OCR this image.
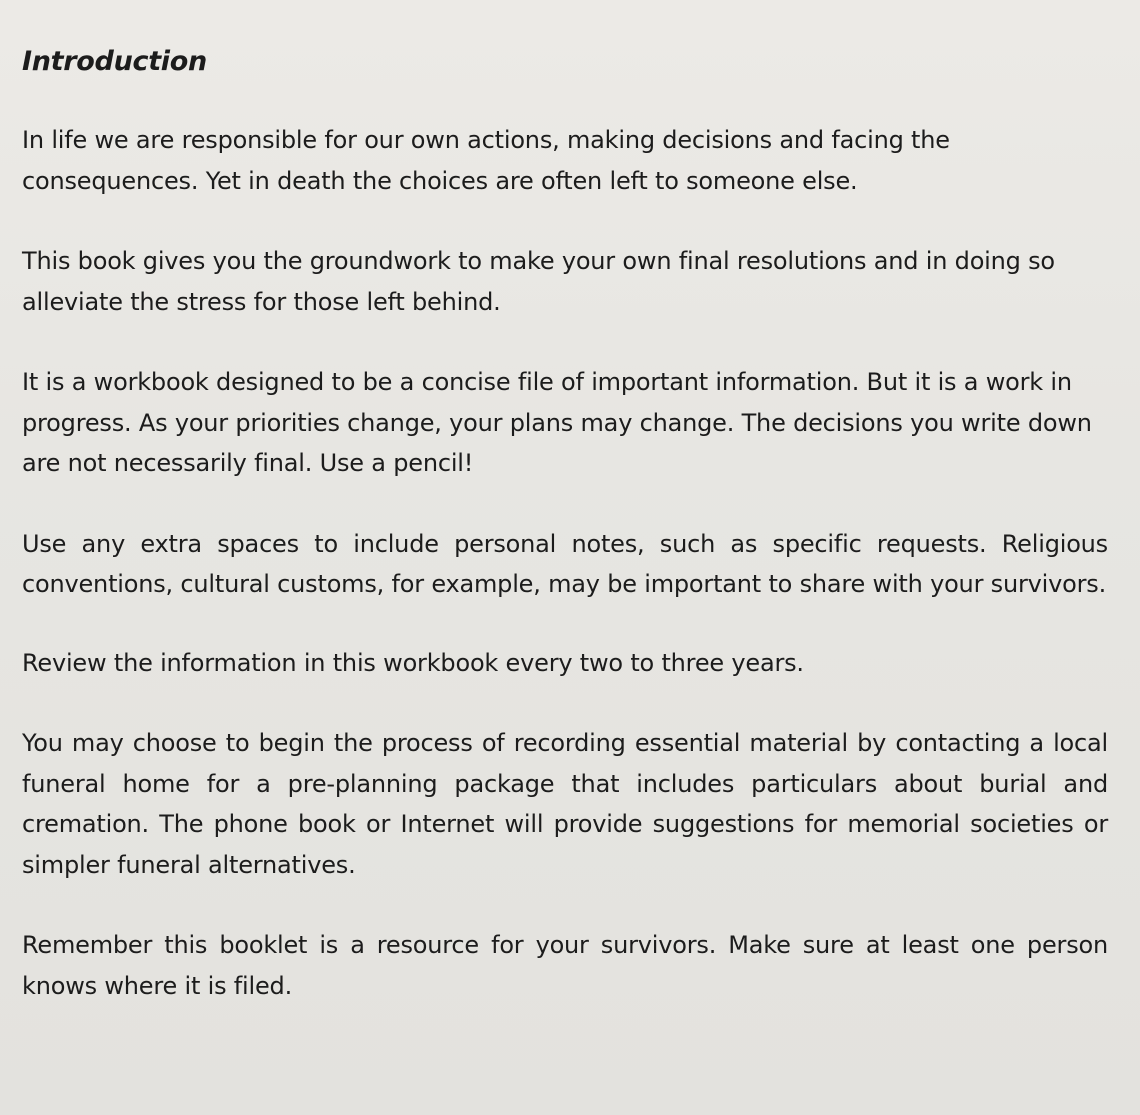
Introduction

In life we are responsible for our own actions, making decisions and facing the consequences. Yet in death the choices are often left to someone else.

This book gives you the groundwork to make your own final resolutions and in doing so alleviate the stress for those left behind.

It is a workbook designed to be a concise file of important information. But it is a work in progress. As your priorities change, your plans may change. The decisions you write down are not necessarily final. Use a pencil!

Use any extra spaces to include personal notes, such as specific requests. Religious conventions, cultural customs, for example, may be important to share with your survivors.

Review the information in this workbook every two to three years.

You may choose to begin the process of recording essential material by contacting a local funeral home for a pre-planning package that includes particulars about burial and cremation. The phone book or Internet will provide suggestions for memorial societies or simpler funeral alternatives.

Remember this booklet is a resource for your survivors. Make sure at least one person knows where it is filed.
